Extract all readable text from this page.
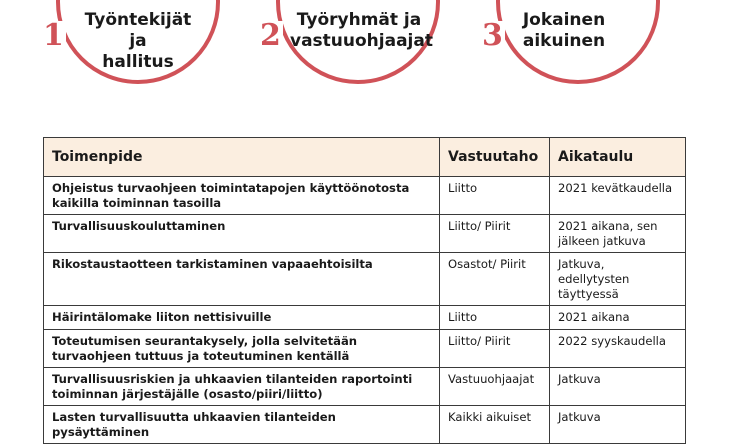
1	Työntekijät ja
hallitus
2 Työryhmät ja
vastuuohjaajat 3	Jokainen
aikuinen
Toimenpide	Vastuutaho	Aikataulu
Ohjeistus turvaohjeen toimintatapojen käyttöönotosta kaikilla toiminnan tasoilla	Liitto	2021 kevätkaudella
Turvallisuuskouluttaminen	Liitto/ Piirit	2021 aikana, sen jälkeen jatkuva
Rikostaustaotteen tarkistaminen vapaaehtoisilta	Osastot/ Piirit	Jatkuva, edellytysten täyttyessä
Häirintälomake liiton nettisivuille	Liitto	2021 aikana
Toteutumisen seurantakysely, jolla selvitetään turvaohjeen tuttuus ja toteutuminen kentällä	Liitto/ Piirit	2022 syyskaudella
Turvallisuusriskien ja uhkaavien tilanteiden raportointi toiminnan järjestäjälle (osasto/piiri/liitto)	Vastuuohjaajat	Jatkuva
Lasten turvallisuutta uhkaavien tilanteiden pysäyttäminen	Kaikki aikuiset	Jatkuva
